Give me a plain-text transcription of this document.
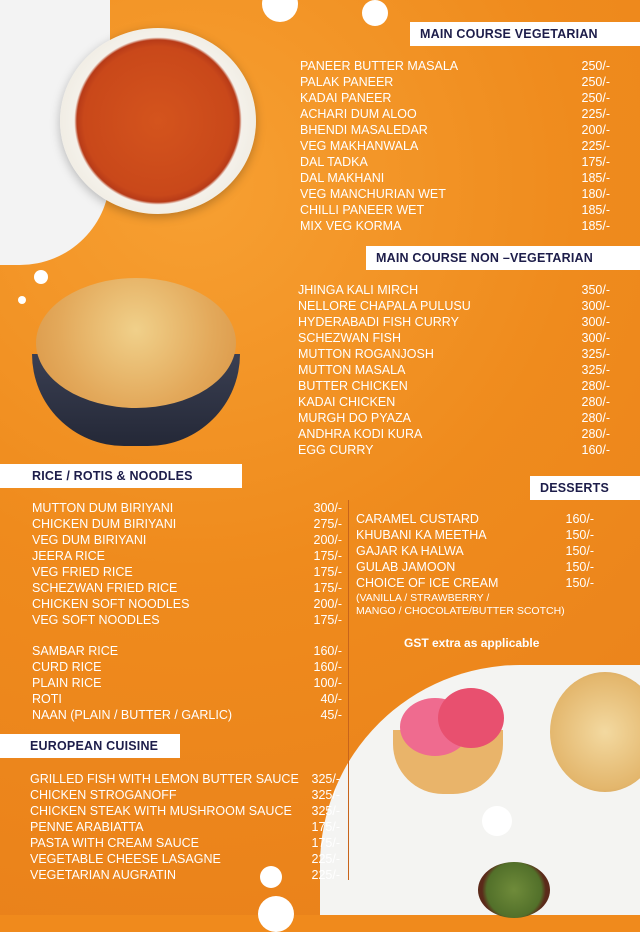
MAIN COURSE VEGETARIAN
PANEER BUTTER MASALA	250/-
PALAK PANEER	250/-
KADAI PANEER	250/-
ACHARI DUM ALOO	225/-
BHENDI MASALEDAR	200/-
VEG MAKHANWALA	225/-
DAL TADKA	175/-
DAL MAKHANI	185/-
VEG MANCHURIAN WET	180/-
CHILLI PANEER WET	185/-
MIX VEG KORMA	185/-
MAIN COURSE NON –VEGETARIAN
JHINGA KALI MIRCH	350/-
NELLORE CHAPALA PULUSU	300/-
HYDERABADI FISH CURRY	300/-
SCHEZWAN FISH	300/-
MUTTON ROGANJOSH	325/-
MUTTON MASALA	325/-
BUTTER CHICKEN	280/-
KADAI CHICKEN	280/-
MURGH DO PYAZA	280/-
ANDHRA KODI KURA	280/-
EGG CURRY	160/-
RICE / ROTIS & NOODLES
MUTTON DUM BIRIYANI	300/-
CHICKEN DUM BIRIYANI	275/-
VEG DUM BIRIYANI	200/-
JEERA RICE	175/-
VEG FRIED RICE	175/-
SCHEZWAN FRIED RICE	175/-
CHICKEN SOFT NOODLES	200/-
VEG SOFT NOODLES	175/-
SAMBAR RICE	160/-
CURD RICE	160/-
PLAIN RICE	100/-
ROTI	40/-
NAAN (PLAIN / BUTTER / GARLIC)	45/-
DESSERTS
CARAMEL CUSTARD	160/-
KHUBANI KA MEETHA	150/-
GAJAR KA HALWA	150/-
GULAB JAMOON	150/-
CHOICE OF ICE CREAM	150/-
(VANILLA / STRAWBERRY /
MANGO / CHOCOLATE/BUTTER SCOTCH)
GST extra as applicable
EUROPEAN CUISINE
GRILLED FISH WITH LEMON BUTTER SAUCE 325/-
CHICKEN STROGANOFF	325/-
CHICKEN STEAK WITH MUSHROOM SAUCE 325/-
PENNE ARABIATTA	175/-
PASTA WITH CREAM SAUCE	175/-
VEGETABLE CHEESE LASAGNE	225/-
VEGETARIAN AUGRATIN	225/-
